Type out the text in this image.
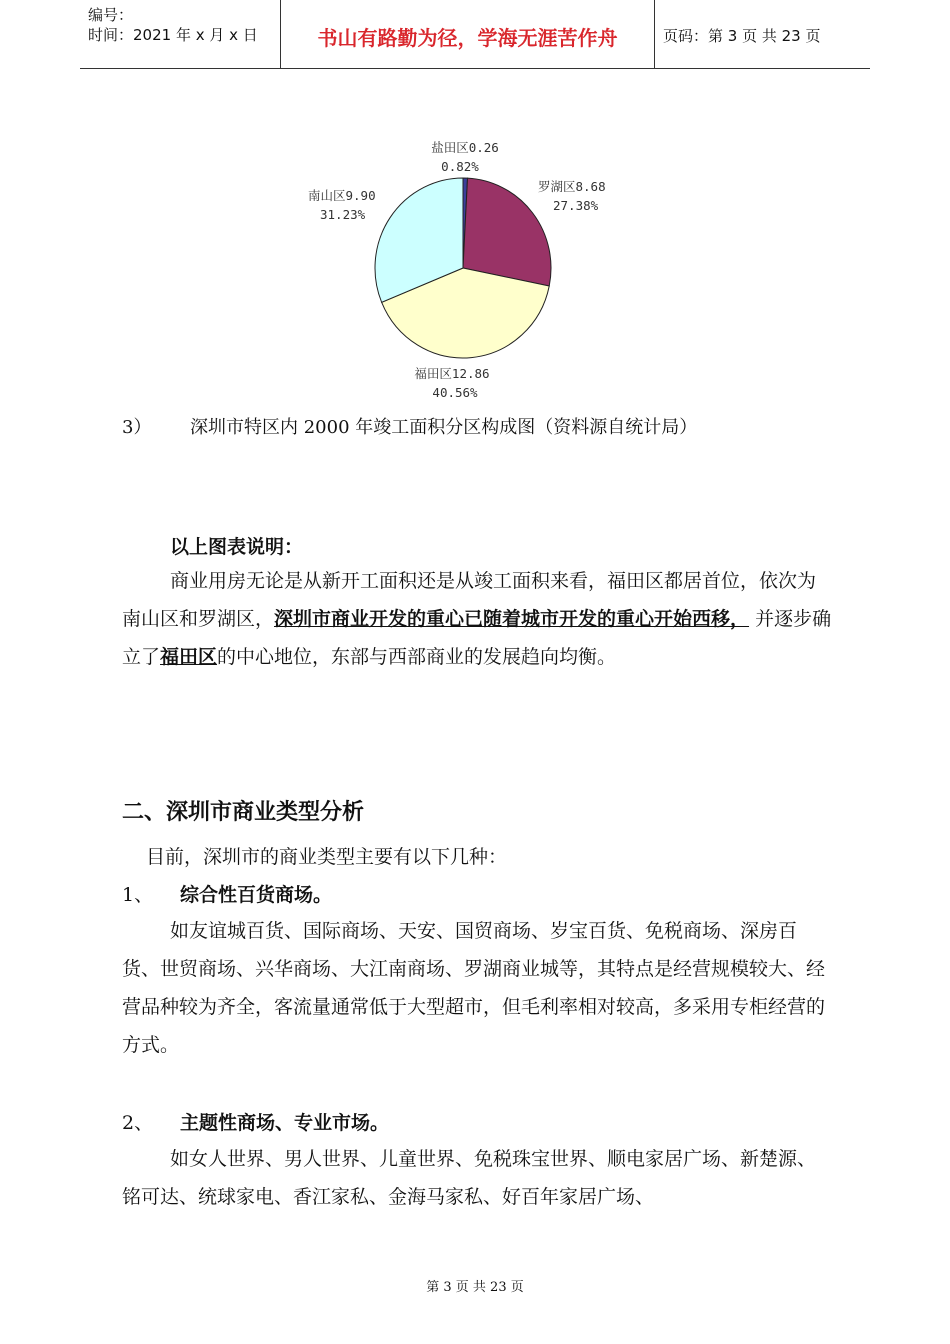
编号：
时间：2021 年 x 月 x 日	书山有路勤为径，学海无涯苦作舟	页码：第 3 页 共 23 页
盐田区0.26
0.82%
罗湖区8.68
27.38%
福田区12.86
40.56%
南山区9.90
31.23%
3） 深圳市特区内 2000 年竣工面积分区构成图（资料源自统计局）
以上图表说明：
商业用房无论是从新开工面积还是从竣工面积来看，福田区都居首位，依次为南山区和罗湖区，深圳市商业开发的重心已随着城市开发的重心开始西移， 并逐步确立了福田区的中心地位，东部与西部商业的发展趋向均衡。
二、深圳市商业类型分析
目前，深圳市的商业类型主要有以下几种：
1、 综合性百货商场。
如友谊城百货、国际商场、天安、国贸商场、岁宝百货、免税商场、深房百货、世贸商场、兴华商场、大江南商场、罗湖商业城等，其特点是经营规模较大、经营品种较为齐全，客流量通常低于大型超市，但毛利率相对较高，多采用专柜经营的方式。
2、 主题性商场、专业市场。
如女人世界、男人世界、儿童世界、免税珠宝世界、顺电家居广场、新楚源、铭可达、统球家电、香江家私、金海马家私、好百年家居广场、
第 3 页 共 23 页
